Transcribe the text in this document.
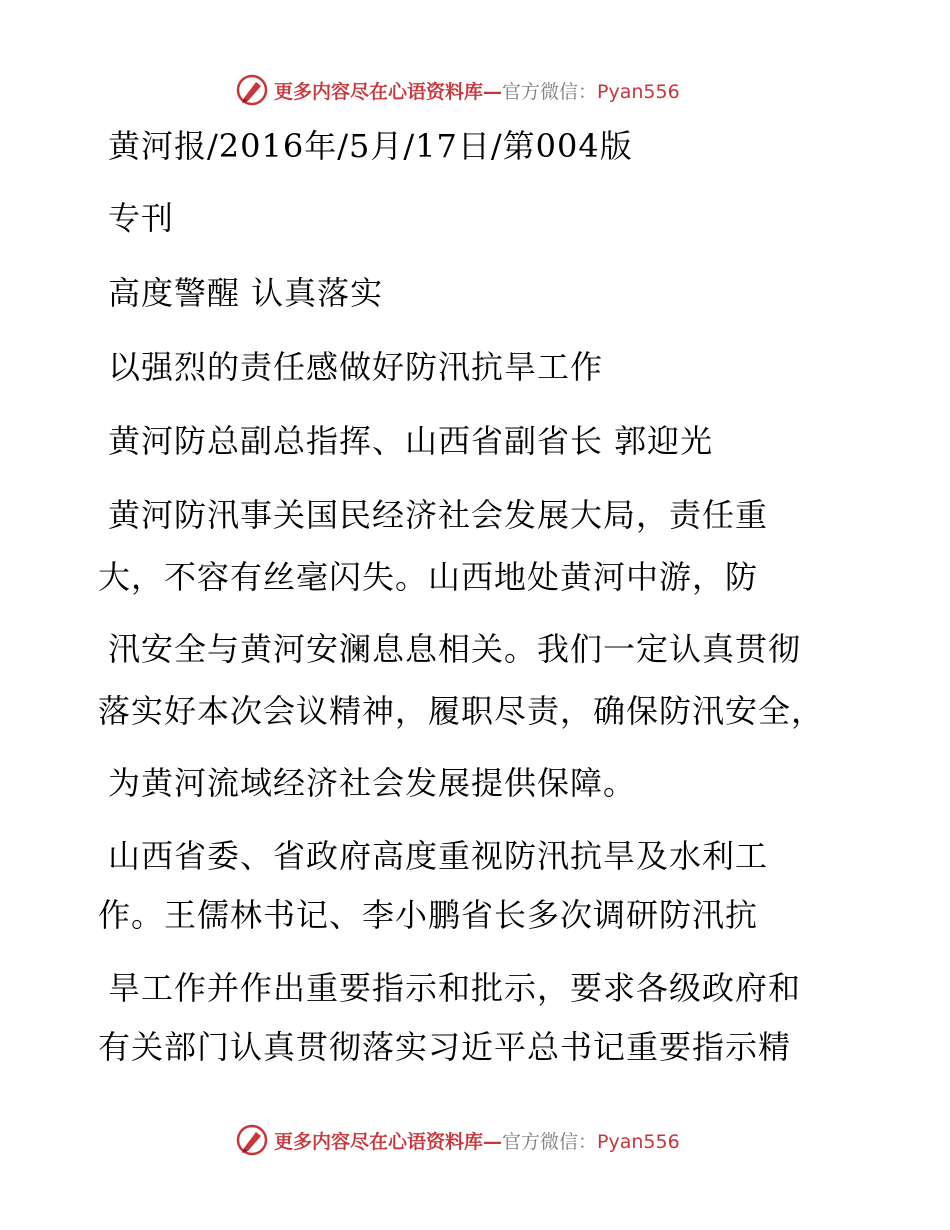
更多内容尽在心语资料库—官方微信：Pyan556
黄河报/2016年/5月/17日/第004版
专刊
高度警醒 认真落实
以强烈的责任感做好防汛抗旱工作
黄河防总副总指挥、山西省副省长 郭迎光
黄河防汛事关国民经济社会发展大局，责任重
大，不容有丝毫闪失。山西地处黄河中游，防
汛安全与黄河安澜息息相关。我们一定认真贯彻
落实好本次会议精神，履职尽责，确保防汛安全，
为黄河流域经济社会发展提供保障。
山西省委、省政府高度重视防汛抗旱及水利工
作。王儒林书记、李小鹏省长多次调研防汛抗
旱工作并作出重要指示和批示，要求各级政府和
有关部门认真贯彻落实习近平总书记重要指示精
更多内容尽在心语资料库—官方微信：Pyan556
